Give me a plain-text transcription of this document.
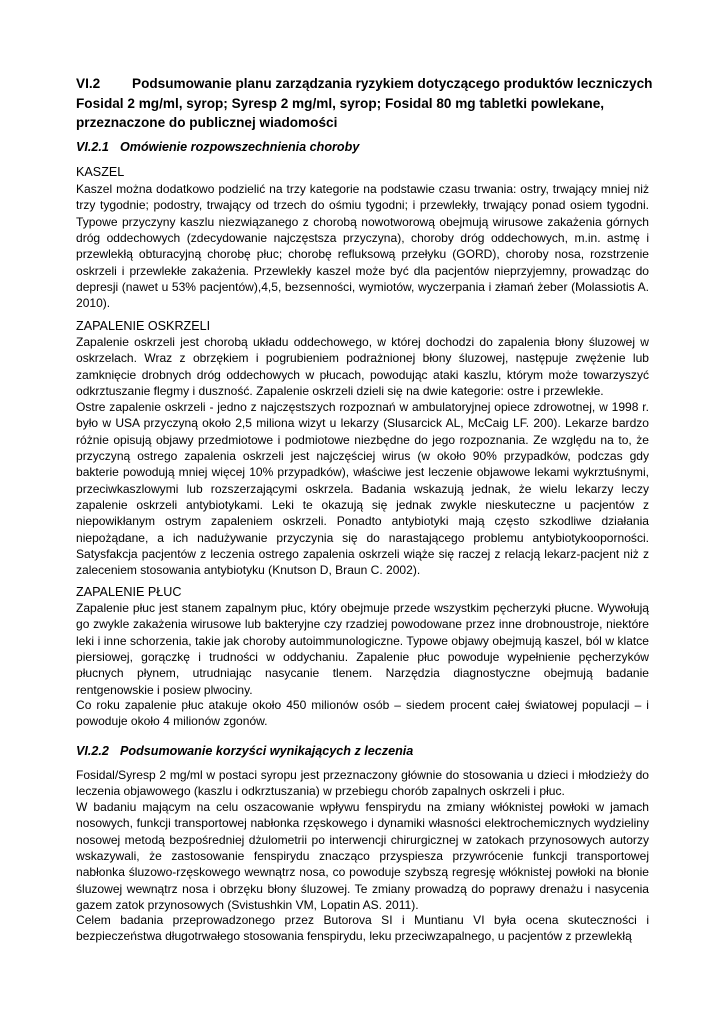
VI.2 Podsumowanie planu zarządzania ryzykiem dotyczącego produktów leczniczych Fosidal 2 mg/ml, syrop; Syresp 2 mg/ml, syrop; Fosidal 80 mg tabletki powlekane, przeznaczone do publicznej wiadomości
VI.2.1 Omówienie rozpowszechnienia choroby
KASZEL

Kaszel można dodatkowo podzielić na trzy kategorie na podstawie czasu trwania: ostry, trwający mniej niż trzy tygodnie; podostry, trwający od trzech do ośmiu tygodni; i przewlekły, trwający ponad osiem tygodni. Typowe przyczyny kaszlu niezwiązanego z chorobą nowotworową obejmują wirusowe zakażenia górnych dróg oddechowych (zdecydowanie najczęstsza przyczyna), choroby dróg oddechowych, m.in. astmę i przewlekłą obturacyjną chorobę płuc; chorobę refluksową przełyku (GORD), choroby nosa, rozstrzenie oskrzeli i przewlekłe zakażenia. Przewlekły kaszel może być dla pacjentów nieprzyjemny, prowadząc do depresji (nawet u 53% pacjentów),4,5, bezsenności, wymiotów, wyczerpania i złamań żeber (Molassiotis A. 2010).

ZAPALENIE OSKRZELI

Zapalenie oskrzeli jest chorobą układu oddechowego, w której dochodzi do zapalenia błony śluzowej w oskrzelach. Wraz z obrzękiem i pogrubieniem podrażnionej błony śluzowej, następuje zwężenie lub zamknięcie drobnych dróg oddechowych w płucach, powodując ataki kaszlu, którym może towarzyszyć odkrztuszanie flegmy i duszność. Zapalenie oskrzeli dzieli się na dwie kategorie: ostre i przewlekłe.

Ostre zapalenie oskrzeli - jedno z najczęstszych rozpoznań w ambulatoryjnej opiece zdrowotnej, w 1998 r. było w USA przyczyną około 2,5 miliona wizyt u lekarzy (Slusarcick AL, McCaig LF. 200). Lekarze bardzo różnie opisują objawy przedmiotowe i podmiotowe niezbędne do jego rozpoznania. Ze względu na to, że przyczyną ostrego zapalenia oskrzeli jest najczęściej wirus (w około 90% przypadków, podczas gdy bakterie powodują mniej więcej 10% przypadków), właściwe jest leczenie objawowe lekami wykrztuśnymi, przeciwkaszlowymi lub rozszerzającymi oskrzela. Badania wskazują jednak, że wielu lekarzy leczy zapalenie oskrzeli antybiotykami. Leki te okazują się jednak zwykle nieskuteczne u pacjentów z niepowikłanym ostrym zapaleniem oskrzeli. Ponadto antybiotyki mają często szkodliwe działania niepożądane, a ich nadużywanie przyczynia się do narastającego problemu antybiotykooporności. Satysfakcja pacjentów z leczenia ostrego zapalenia oskrzeli wiąże się raczej z relacją lekarz-pacjent niż z zaleceniem stosowania antybiotyku (Knutson D, Braun C. 2002).

ZAPALENIE PŁUC

Zapalenie płuc jest stanem zapalnym płuc, który obejmuje przede wszystkim pęcherzyki płucne. Wywołują go zwykle zakażenia wirusowe lub bakteryjne czy rzadziej powodowane przez inne drobnoustroje, niektóre leki i inne schorzenia, takie jak choroby autoimmunologiczne. Typowe objawy obejmują kaszel, ból w klatce piersiowej, gorączkę i trudności w oddychaniu. Zapalenie płuc powoduje wypełnienie pęcherzyków płucnych płynem, utrudniając nasycanie tlenem. Narzędzia diagnostyczne obejmują badanie rentgenowskie i posiew plwociny.

Co roku zapalenie płuc atakuje około 450 milionów osób – siedem procent całej światowej populacji – i powoduje około 4 milionów zgonów.

VI.2.2 Podsumowanie korzyści wynikających z leczenia

Fosidal/Syresp 2 mg/ml w postaci syropu jest przeznaczony głównie do stosowania u dzieci i młodzieży do leczenia objawowego (kaszlu i odkrztuszania) w przebiegu chorób zapalnych oskrzeli i płuc.

W badaniu mającym na celu oszacowanie wpływu fenspirydu na zmiany włóknistej powłoki w jamach nosowych, funkcji transportowej nabłonka rzęskowego i dynamiki własności elektrochemicznych wydzieliny nosowej metodą bezpośredniej dżulometrii po interwencji chirurgicznej w zatokach przynosowych autorzy wskazywali, że zastosowanie fenspirydu znacząco przyspiesza przywrócenie funkcji transportowej nabłonka śluzowo-rzęskowego wewnątrz nosa, co powoduje szybszą regresję włóknistej powłoki na błonie śluzowej wewnątrz nosa i obrzęku błony śluzowej. Te zmiany prowadzą do poprawy drenażu i nasycenia gazem zatok przynosowych (Svistushkin VM, Lopatin AS. 2011).

Celem badania przeprowadzonego przez Butorova SI i Muntianu VI była ocena skuteczności i bezpieczeństwa długotrwałego stosowania fenspirydu, leku przeciwzapalnego, u pacjentów z przewlekłą
